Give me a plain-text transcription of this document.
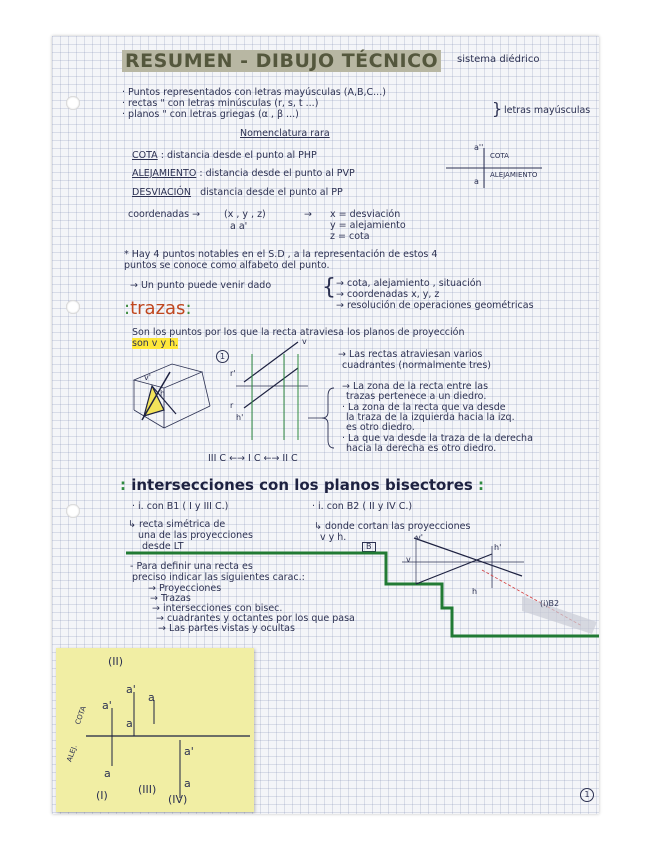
RESUMEN - DIBUJO TÉCNICO	sistema diédrico
· Puntos representados con letras mayúsculas (A,B,C...)
· rectas " con letras minúsculas (r, s, t ...)
· planos " con letras griegas (α , β ...)	} letras mayúsculas
Nomenclatura rara
COTA : distancia desde el punto al PHP
ALEJAMIENTO : distancia desde el punto al PVP
DESVIACIÓN distancia desde el punto al PP
a''
COTA
ALEJAMIENTO
a
coordenadas →	(x , y , z)
a a'
→ x = desviación
y = alejamiento
z = cota
* Hay 4 puntos notables en el S.D , a la representación de estos 4
puntos se conoce como alfabeto del punto.
→ Un punto puede venir dado { → cota, alejamiento , situación
→ coordenadas x, y, z
→ resolución de operaciones geométricas
:trazas:
Son los puntos por los que la recta atraviesa los planos de proyección
son v y h.
1
v'
h
r'
r
v
h'
→ Las rectas atraviesan varios
cuadrantes (normalmente tres)
→ La zona de la recta entre las
trazas pertenece a un diedro.
· La zona de la recta que va desde
la traza de la izquierda hacia la izq.
es otro diedro.
· La que va desde la traza de la derecha
hacia la derecha es otro diedro.
III C ←→ I C ←→ II C
: intersecciones con los planos bisectores :
· i. con B1 ( I y III C.)	· i. con B2 ( II y IV C.)
↳ recta simétrica de
una de las proyecciones
desde LT
↳ donde cortan las proyecciones
v y h.
B
v'
v
h'
h
(i)B2
- Para definir una recta es
preciso indicar las siguientes carac.:
→ Proyecciones
→ Trazas
→ intersecciones con bisec.
→ cuadrantes y octantes por los que pasa
→ Las partes vistas y ocultas
(II)
COTA
ALEJ.
a'
a'
a
a
a
a'
a
(I)	(III)
(IV)	1
